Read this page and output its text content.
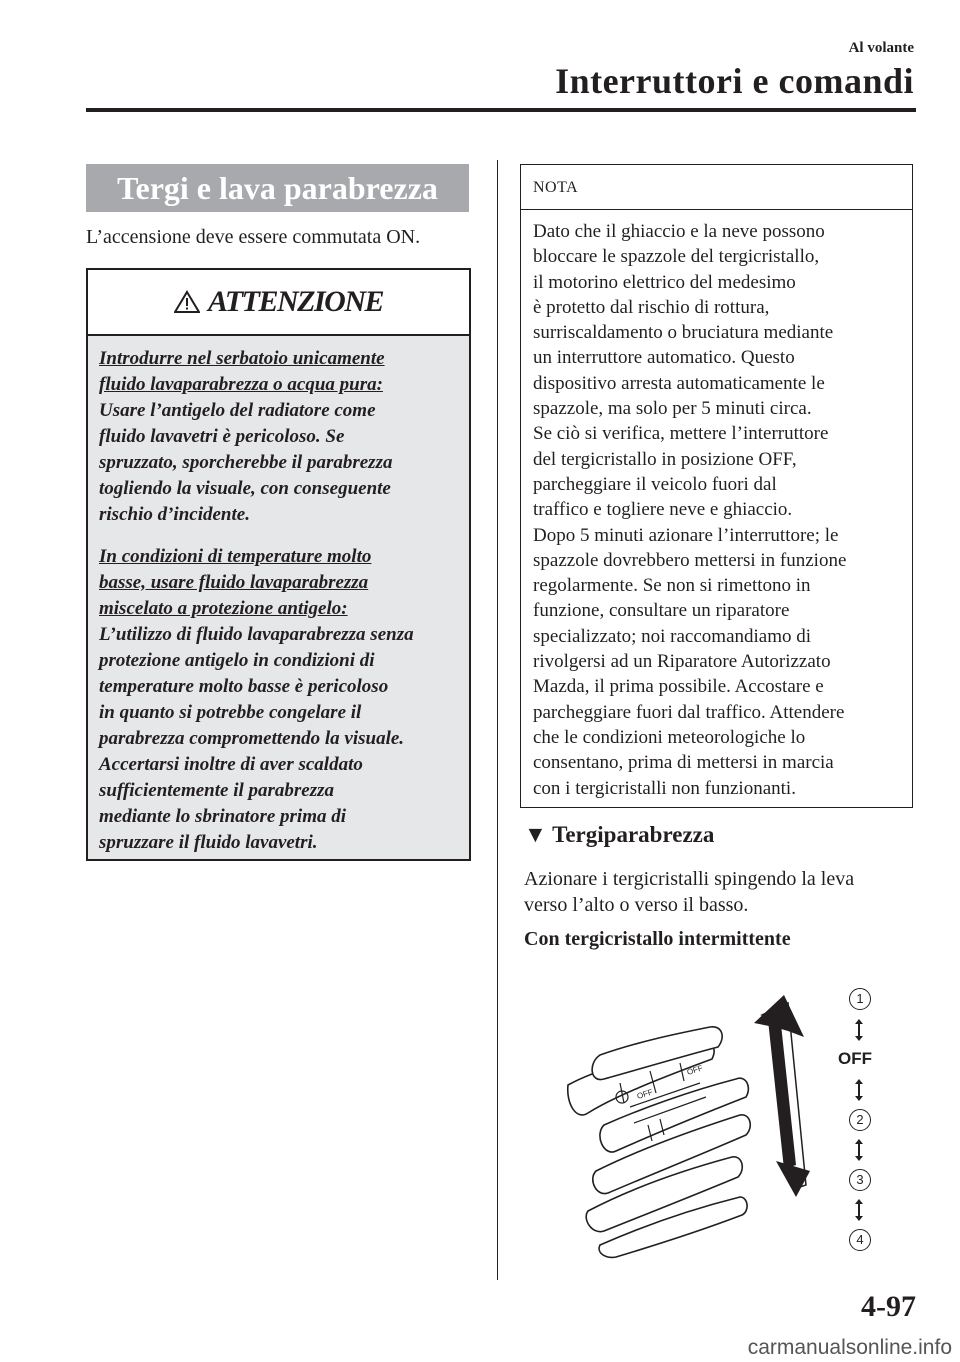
Al volante
Interruttori e comandi
Tergi e lava parabrezza
L’accensione deve essere commutata ON.
ATTENZIONE
Introdurre nel serbatoio unicamente
fluido lavaparabrezza o acqua pura:
Usare l’antigelo del radiatore come
fluido lavavetri è pericoloso. Se
spruzzato, sporcherebbe il parabrezza
togliendo la visuale, con conseguente
rischio d’incidente.
In condizioni di temperature molto
basse, usare fluido lavaparabrezza
miscelato a protezione antigelo:
L’utilizzo di fluido lavaparabrezza senza
protezione antigelo in condizioni di
temperature molto basse è pericoloso
in quanto si potrebbe congelare il
parabrezza compromettendo la visuale.
Accertarsi inoltre di aver scaldato
sufficientemente il parabrezza
mediante lo sbrinatore prima di
spruzzare il fluido lavavetri.
NOTA
Dato che il ghiaccio e la neve possono
bloccare le spazzole del tergicristallo,
il motorino elettrico del medesimo
è protetto dal rischio di rottura,
surriscaldamento o bruciatura mediante
un interruttore automatico. Questo
dispositivo arresta automaticamente le
spazzole, ma solo per 5 minuti circa.
Se ciò si verifica, mettere l’interruttore
del tergicristallo in posizione OFF,
parcheggiare il veicolo fuori dal
traffico e togliere neve e ghiaccio.
Dopo 5 minuti azionare l’interruttore; le
spazzole dovrebbero mettersi in funzione
regolarmente. Se non si rimettono in
funzione, consultare un riparatore
specializzato; noi raccomandiamo di
rivolgersi ad un Riparatore Autorizzato
Mazda, il prima possibile. Accostare e
parcheggiare fuori dal traffico. Attendere
che le condizioni meteorologiche lo
consentano, prima di mettersi in marcia
con i tergicristalli non funzionanti.
▼ Tergiparabrezza
Azionare i tergicristalli spingendo la leva
verso l’alto o verso il basso.
Con tergicristallo intermittente
OFF
OFF
1
OFF
2
3
4
4-97
carmanualsonline.info
